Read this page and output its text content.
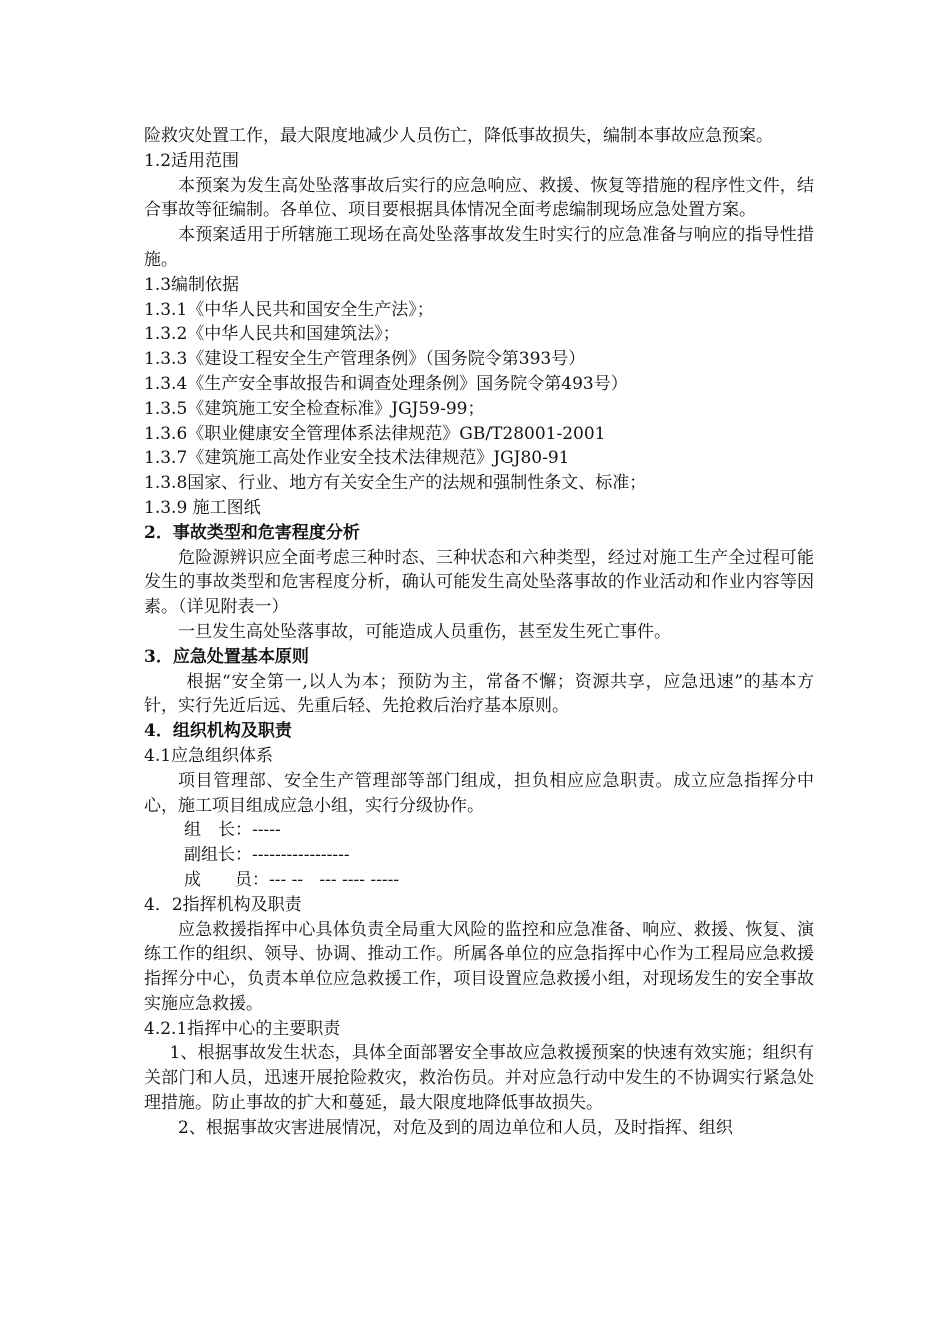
险救灾处置工作，最大限度地减少人员伤亡，降低事故损失，编制本事故应急预案。
1.2适用范围
本预案为发生高处坠落事故后实行的应急响应、救援、恢复等措施的程序性文件，结合事故等征编制。各单位、项目要根据具体情况全面考虑编制现场应急处置方案。
本预案适用于所辖施工现场在高处坠落事故发生时实行的应急准备与响应的指导性措施。
1.3编制依据
1.3.1《中华人民共和国安全生产法》；
1.3.2《中华人民共和国建筑法》；
1.3.3《建设工程安全生产管理条例》（国务院令第393号）
1.3.4《生产安全事故报告和调查处理条例》国务院令第493号）
1.3.5《建筑施工安全检查标准》JGJ59-99；
1.3.6《职业健康安全管理体系法律规范》GB/T28001-2001
1.3.7《建筑施工高处作业安全技术法律规范》JGJ80-91
1.3.8国家、行业、地方有关安全生产的法规和强制性条文、标准；
1.3.9 施工图纸
2．事故类型和危害程度分析
危险源辨识应全面考虑三种时态、三种状态和六种类型，经过对施工生产全过程可能发生的事故类型和危害程度分析，确认可能发生高处坠落事故的作业活动和作业内容等因素。（详见附表一）
一旦发生高处坠落事故，可能造成人员重伤，甚至发生死亡事件。
3．应急处置基本原则
根据“安全第一,以人为本；预防为主，常备不懈；资源共享，应急迅速”的基本方针，实行先近后远、先重后轻、先抢救后治疗基本原则。
4．组织机构及职责
4.1应急组织体系
项目管理部、安全生产管理部等部门组成，担负相应应急职责。成立应急指挥分中心，施工项目组成应急小组，实行分级协作。
组　长：-----
副组长：-----------------
成　　员：--- --   --- ---- -----
4．2指挥机构及职责
应急救援指挥中心具体负责全局重大风险的监控和应急准备、响应、救援、恢复、演练工作的组织、领导、协调、推动工作。所属各单位的应急指挥中心作为工程局应急救援指挥分中心，负责本单位应急救援工作，项目设置应急救援小组，对现场发生的安全事故实施应急救援。
4.2.1指挥中心的主要职责
1、根据事故发生状态，具体全面部署安全事故应急救援预案的快速有效实施；组织有关部门和人员，迅速开展抢险救灾，救治伤员。并对应急行动中发生的不协调实行紧急处理措施。防止事故的扩大和蔓延，最大限度地降低事故损失。
2、根据事故灾害进展情况，对危及到的周边单位和人员，及时指挥、组织
